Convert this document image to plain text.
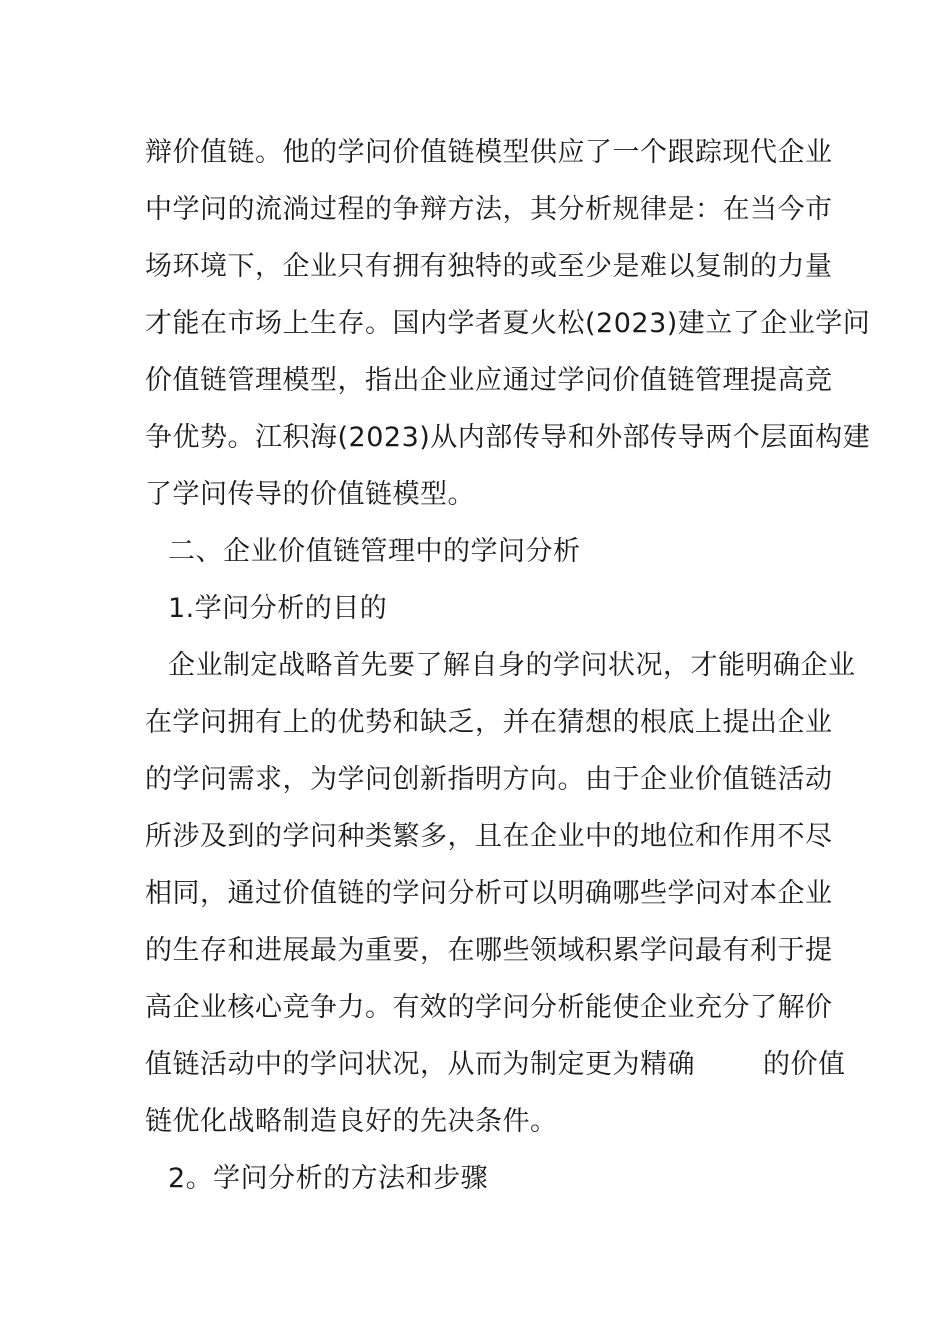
辩价值链。他的学问价值链模型供应了一个跟踪现代企业
中学问的流淌过程的争辩方法，其分析规律是：在当今市
场环境下，企业只有拥有独特的或至少是难以复制的力量
才能在市场上生存。国内学者夏火松(2023)建立了企业学问
价值链管理模型，指出企业应通过学问价值链管理提高竞
争优势。江积海(2023)从内部传导和外部传导两个层面构建
了学问传导的价值链模型。
二、企业价值链管理中的学问分析
1.学问分析的目的
企业制定战略首先要了解自身的学问状况，才能明确企业
在学问拥有上的优势和缺乏，并在猜想的根底上提出企业
的学问需求，为学问创新指明方向。由于企业价值链活动
所涉及到的学问种类繁多，且在企业中的地位和作用不尽
相同，通过价值链的学问分析可以明确哪些学问对本企业
的生存和进展最为重要，在哪些领域积累学问最有利于提
高企业核心竞争力。有效的学问分析能使企业充分了解价
值链活动中的学问状况，从而为制定更为精确	的价值
链优化战略制造良好的先决条件。
2。学问分析的方法和步骤
